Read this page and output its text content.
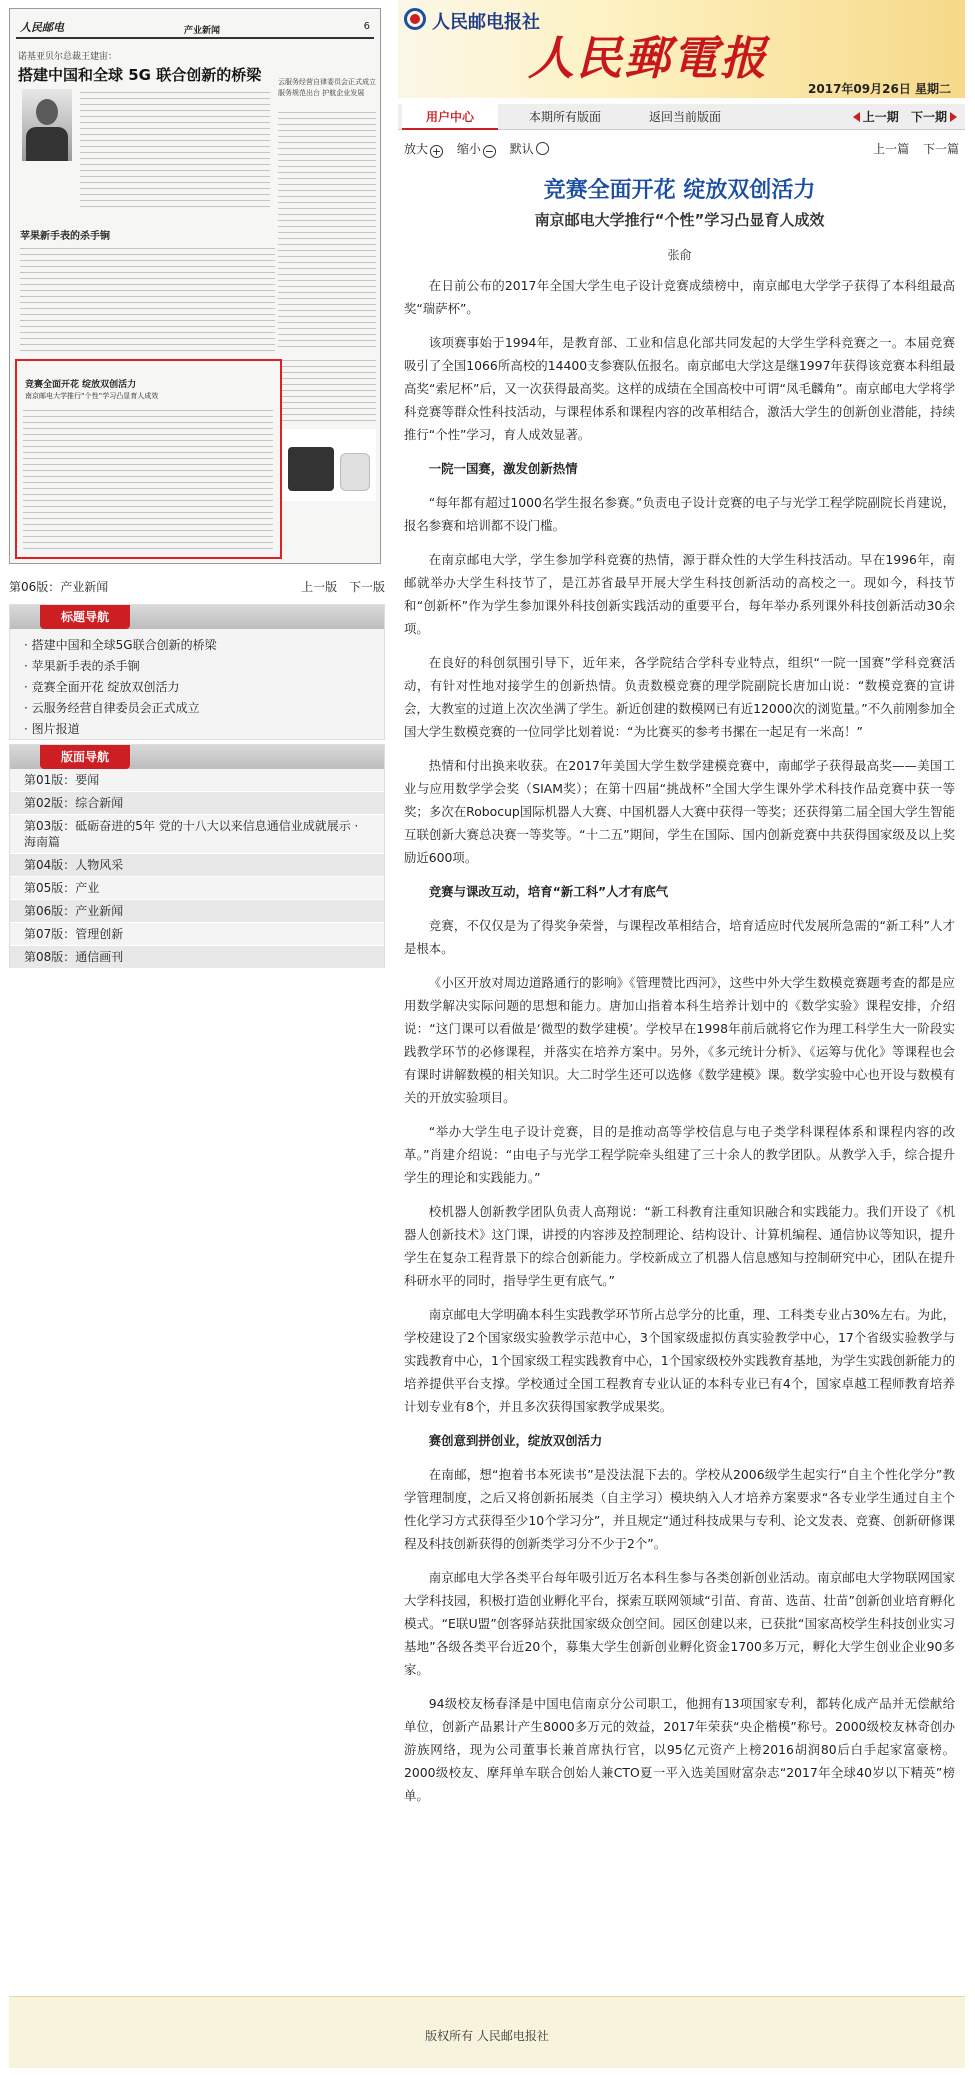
人民邮电	产业新闻	6
诺基亚贝尔总裁王建宙：
搭建中国和全球 5G 联合创新的桥梁 云服务经营自律委员会正式成立 服务规范出台 护航企业发展
苹果新手表的杀手锏
竞赛全面开花 绽放双创活力
南京邮电大学推行“个性”学习凸显育人成效
第06版：产业新闻	上一版 下一版
标题导航
· 搭建中国和全球5G联合创新的桥梁
· 苹果新手表的杀手锏
· 竞赛全面开花 绽放双创活力
· 云服务经营自律委员会正式成立
· 图片报道
版面导航
第01版：要闻
第02版：综合新闻
第03版：砥砺奋进的5年 党的十八大以来信息通信业成就展示 · 海南篇
第04版：人物风采
第05版：产业
第06版：产业新闻
第07版：管理创新
第08版：通信画刊
人民邮电报社
人民郵電报
2017年09月26日 星期二
用户中心	本期所有版面	返回当前版面	上一期 下一期
放大 + 缩小 − 默认	上一篇 下一篇
竞赛全面开花 绽放双创活力
南京邮电大学推行“个性”学习凸显育人成效
张俞

在日前公布的2017年全国大学生电子设计竞赛成绩榜中，南京邮电大学学子获得了本科组最高奖“瑞萨杯”。

该项赛事始于1994年，是教育部、工业和信息化部共同发起的大学生学科竞赛之一。本届竞赛吸引了全国1066所高校的14400支参赛队伍报名。南京邮电大学这是继1997年获得该竞赛本科组最高奖“索尼杯”后，又一次获得最高奖。这样的成绩在全国高校中可谓“凤毛麟角”。南京邮电大学将学科竞赛等群众性科技活动，与课程体系和课程内容的改革相结合，激活大学生的创新创业潜能，持续推行“个性”学习，育人成效显著。

一院一国赛，激发创新热情

“每年都有超过1000名学生报名参赛。”负责电子设计竞赛的电子与光学工程学院副院长肖建说，报名参赛和培训都不设门槛。

在南京邮电大学，学生参加学科竞赛的热情，源于群众性的大学生科技活动。早在1996年，南邮就举办大学生科技节了，是江苏省最早开展大学生科技创新活动的高校之一。现如今，科技节和“创新杯”作为学生参加课外科技创新实践活动的重要平台，每年举办系列课外科技创新活动30余项。

在良好的科创氛围引导下，近年来，各学院结合学科专业特点，组织“一院一国赛”学科竞赛活动，有针对性地对接学生的创新热情。负责数模竞赛的理学院副院长唐加山说：“数模竞赛的宣讲会，大教室的过道上次次坐满了学生。新近创建的数模网已有近12000次的浏览量。”不久前刚参加全国大学生数模竞赛的一位同学比划着说：“为比赛买的参考书摞在一起足有一米高！”

热情和付出换来收获。在2017年美国大学生数学建模竞赛中，南邮学子获得最高奖——美国工业与应用数学学会奖（SIAM奖）；在第十四届“挑战杯”全国大学生课外学术科技作品竞赛中获一等奖；多次在Robocup国际机器人大赛、中国机器人大赛中获得一等奖；还获得第二届全国大学生智能互联创新大赛总决赛一等奖等。“十二五”期间，学生在国际、国内创新竞赛中共获得国家级及以上奖励近600项。

竞赛与课改互动，培育“新工科”人才有底气

竞赛，不仅仅是为了得奖争荣誉，与课程改革相结合，培育适应时代发展所急需的“新工科”人才是根本。

《小区开放对周边道路通行的影响》《管理赞比西河》，这些中外大学生数模竞赛题考查的都是应用数学解决实际问题的思想和能力。唐加山指着本科生培养计划中的《数学实验》课程安排，介绍说：“这门课可以看做是‘微型的数学建模’。学校早在1998年前后就将它作为理工科学生大一阶段实践教学环节的必修课程，并落实在培养方案中。另外，《多元统计分析》、《运筹与优化》等课程也会有课时讲解数模的相关知识。大二时学生还可以选修《数学建模》课。数学实验中心也开设与数模有关的开放实验项目。

“举办大学生电子设计竞赛，目的是推动高等学校信息与电子类学科课程体系和课程内容的改革。”肖建介绍说：“由电子与光学工程学院牵头组建了三十余人的教学团队。从教学入手，综合提升学生的理论和实践能力。”

校机器人创新教学团队负责人高翔说：“新工科教育注重知识融合和实践能力。我们开设了《机器人创新技术》这门课，讲授的内容涉及控制理论、结构设计、计算机编程、通信协议等知识，提升学生在复杂工程背景下的综合创新能力。学校新成立了机器人信息感知与控制研究中心，团队在提升科研水平的同时，指导学生更有底气。”

南京邮电大学明确本科生实践教学环节所占总学分的比重，理、工科类专业占30%左右。为此，学校建设了2个国家级实验教学示范中心，3个国家级虚拟仿真实验教学中心，17个省级实验教学与实践教育中心，1个国家级工程实践教育中心，1个国家级校外实践教育基地，为学生实践创新能力的培养提供平台支撑。学校通过全国工程教育专业认证的本科专业已有4个，国家卓越工程师教育培养计划专业有8个，并且多次获得国家教学成果奖。

赛创意到拼创业，绽放双创活力

在南邮，想“抱着书本死读书”是没法混下去的。学校从2006级学生起实行“自主个性化学分”教学管理制度，之后又将创新拓展类（自主学习）模块纳入人才培养方案要求“各专业学生通过自主个性化学习方式获得至少10个学习分”，并且规定“通过科技成果与专利、论文发表、竞赛、创新研修课程及科技创新获得的创新类学习分不少于2个”。

南京邮电大学各类平台每年吸引近万名本科生参与各类创新创业活动。南京邮电大学物联网国家大学科技园，积极打造创业孵化平台，探索互联网领域“引苗、育苗、选苗、壮苗”创新创业培育孵化模式。“E联U盟”创客驿站获批国家级众创空间。园区创建以来，已获批“国家高校学生科技创业实习基地”各级各类平台近20个，募集大学生创新创业孵化资金1700多万元，孵化大学生创业企业90多家。

94级校友杨春泽是中国电信南京分公司职工，他拥有13项国家专利，都转化成产品并无偿献给单位，创新产品累计产生8000多万元的效益，2017年荣获“央企楷模”称号。2000级校友林奇创办游族网络，现为公司董事长兼首席执行官，以95亿元资产上榜2016胡润80后白手起家富豪榜。2000级校友、摩拜单车联合创始人兼CTO夏一平入选美国财富杂志“2017年全球40岁以下精英”榜单。

版权所有 人民邮电报社
